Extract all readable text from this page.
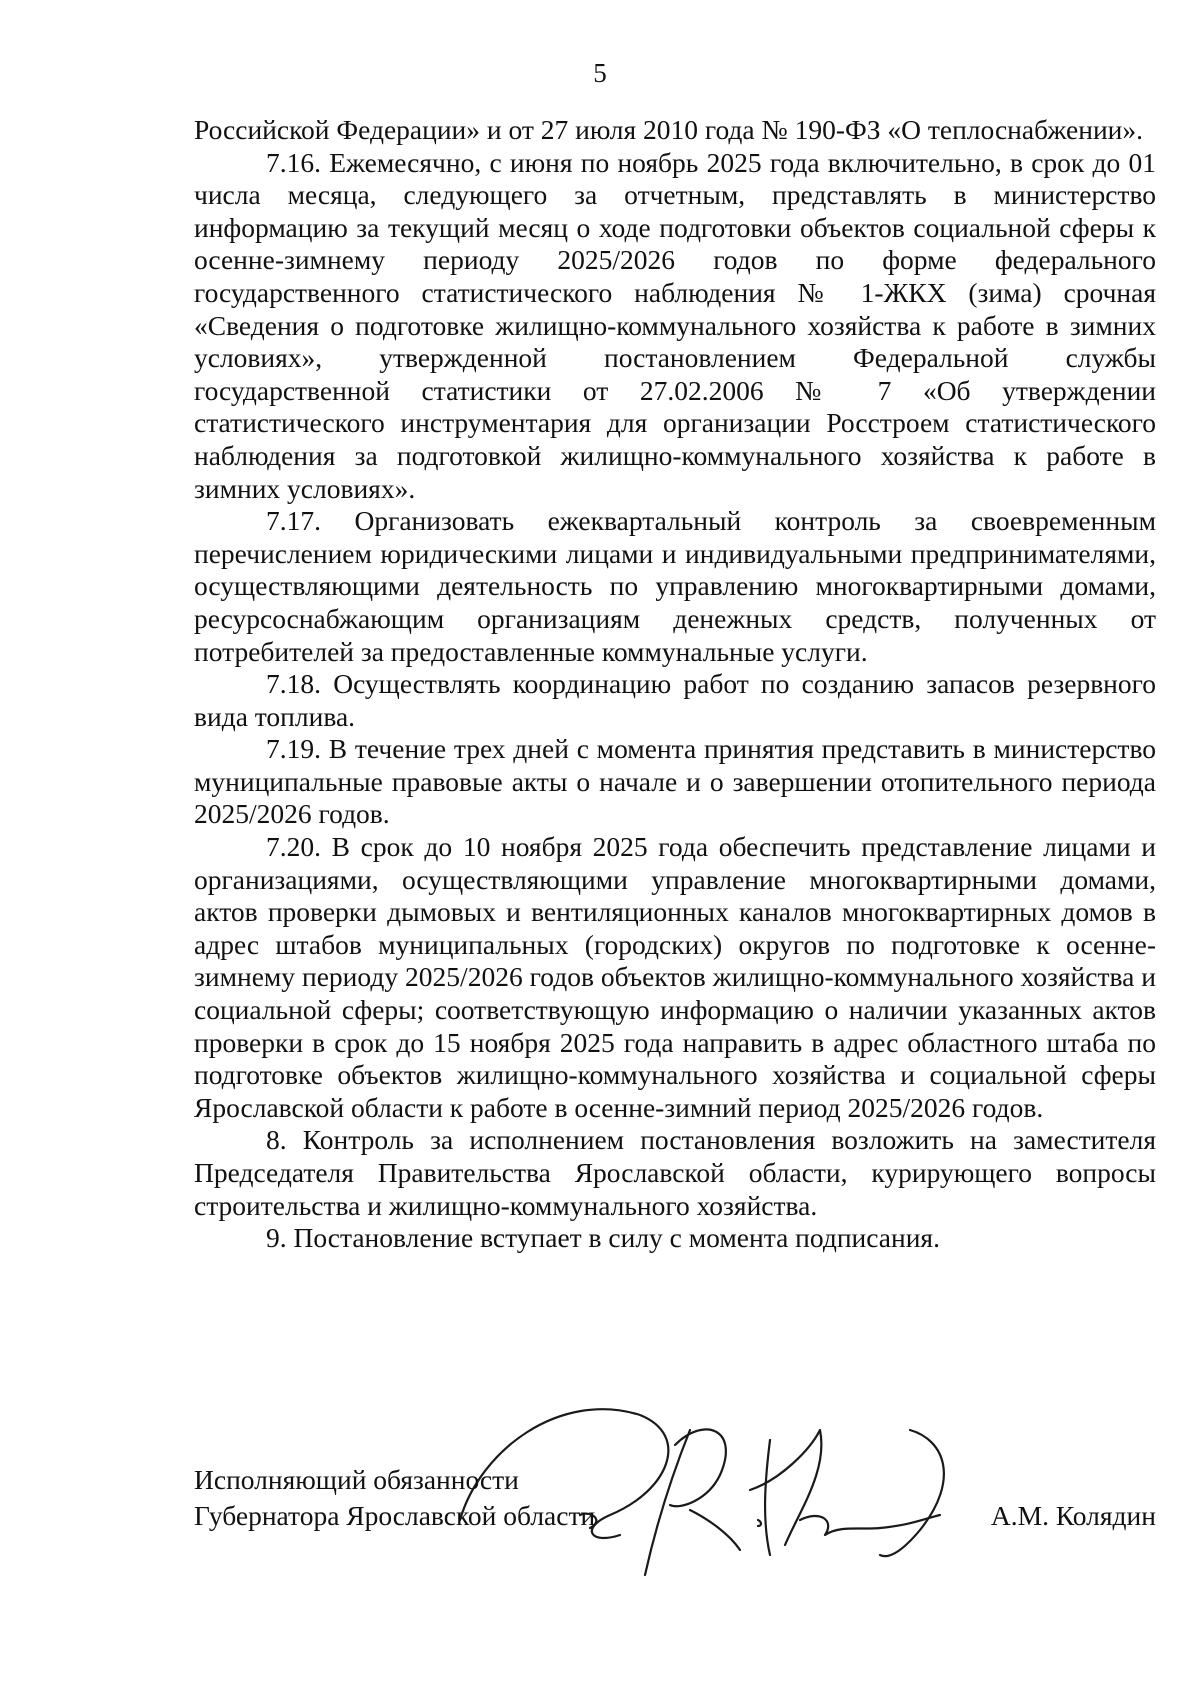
5

Российской Федерации» и от 27 июля 2010 года № 190-ФЗ «О теплоснабжении».

7.16. Ежемесячно, с июня по ноябрь 2025 года включительно, в срок до 01 числа месяца, следующего за отчетным, представлять в министерство информацию за текущий месяц о ходе подготовки объектов социальной сферы к осенне-зимнему периоду 2025/2026 годов по форме федерального государственного статистического наблюдения № 1-ЖКХ (зима) срочная «Сведения о подготовке жилищно-коммунального хозяйства к работе в зимних условиях», утвержденной постановлением Федеральной службы государственной статистики от 27.02.2006 № 7 «Об утверждении статистического инструментария для организации Росстроем статистического наблюдения за подготовкой жилищно-коммунального хозяйства к работе в зимних условиях».

7.17. Организовать ежеквартальный контроль за своевременным перечислением юридическими лицами и индивидуальными предпринимателями, осуществляющими деятельность по управлению многоквартирными домами, ресурсоснабжающим организациям денежных средств, полученных от потребителей за предоставленные коммунальные услуги.

7.18. Осуществлять координацию работ по созданию запасов резервного вида топлива.

7.19. В течение трех дней с момента принятия представить в министерство муниципальные правовые акты о начале и о завершении отопительного периода 2025/2026 годов.

7.20. В срок до 10 ноября 2025 года обеспечить представление лицами и организациями, осуществляющими управление многоквартирными домами, актов проверки дымовых и вентиляционных каналов многоквартирных домов в адрес штабов муниципальных (городских) округов по подготовке к осенне-зимнему периоду 2025/2026 годов объектов жилищно-коммунального хозяйства и социальной сферы; соответствующую информацию о наличии указанных актов проверки в срок до 15 ноября 2025 года направить в адрес областного штаба по подготовке объектов жилищно-коммунального хозяйства и социальной сферы Ярославской области к работе в осенне-зимний период 2025/2026 годов.

8. Контроль за исполнением постановления возложить на заместителя Председателя Правительства Ярославской области, курирующего вопросы строительства и жилищно-коммунального хозяйства.

9. Постановление вступает в силу с момента подписания.

Исполняющий обязанности
Губернатора Ярославской области	А.М. Колядин
